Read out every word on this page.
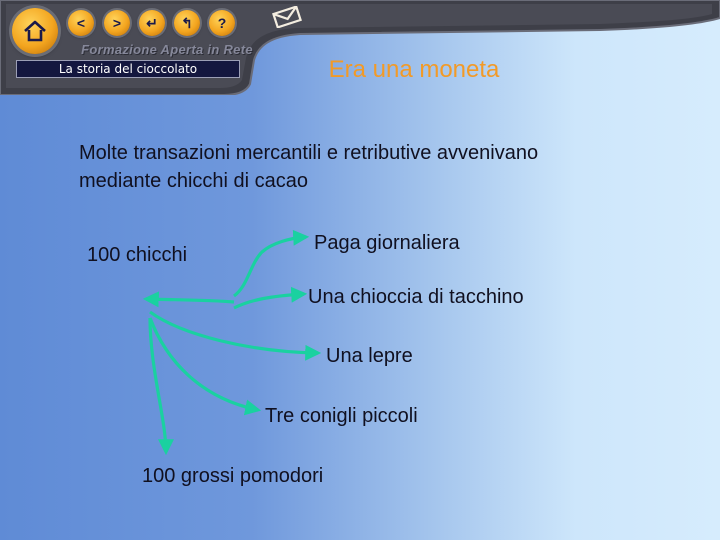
< > ↵ ↰ ?
Formazione Aperta in Rete
La storia del cioccolato	Era una moneta
Molte transazioni mercantili e retributive avvenivano mediante chicchi di cacao
100 chicchi
Paga giornaliera
Una chioccia di tacchino
Una lepre
Tre conigli piccoli
100 grossi pomodori
